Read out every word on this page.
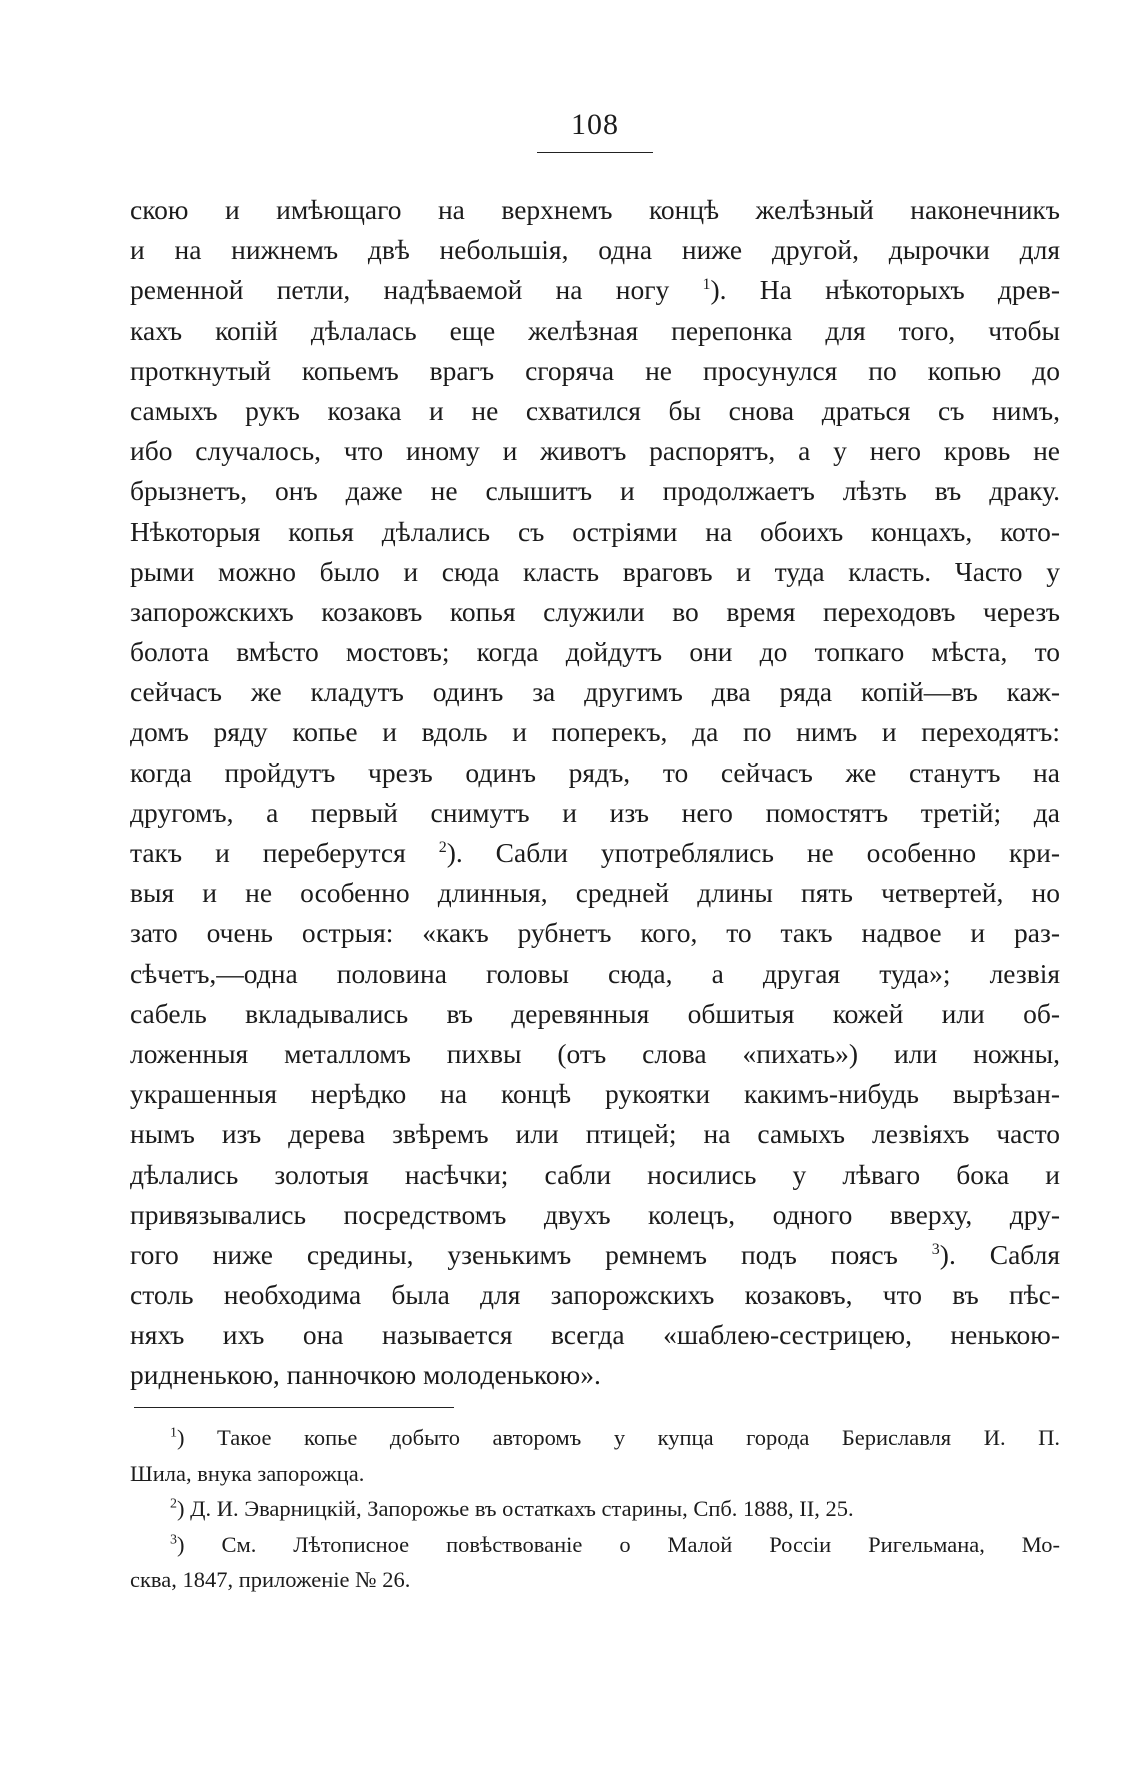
108
скою и имѣющаго на верхнемъ концѣ желѣзный наконечникъ
и на нижнемъ двѣ небольшія, одна ниже другой, дырочки для
ременной петли, надѣваемой на ногу $^1$). На нѣкоторыхъ древ-
кахъ копій дѣлалась еще желѣзная перепонка для того, чтобы
проткнутый копьемъ врагъ сгоряча не просунулся по копью до
самыхъ рукъ козака и не схватился бы снова драться съ нимъ,
ибо случалось, что иному и животъ распорятъ, а у него кровь не
брызнетъ, онъ даже не слышитъ и продолжаетъ лѣзть въ драку.
Нѣкоторыя копья дѣлались съ остріями на обоихъ концахъ, кото-
рыми можно было и сюда класть враговъ и туда класть. Часто у
запорожскихъ козаковъ копья служили во время переходовъ черезъ
болота вмѣсто мостовъ; когда дойдутъ они до топкаго мѣста, то
сейчасъ же кладутъ одинъ за другимъ два ряда копій—въ каж-
домъ ряду копье и вдоль и поперекъ, да по нимъ и переходятъ:
когда пройдутъ чрезъ одинъ рядъ, то сейчасъ же станутъ на
другомъ, а первый снимутъ и изъ него помостятъ третій; да
такъ и переберутся $^2$). Сабли употреблялись не особенно кри-
выя и не особенно длинныя, средней длины пять четвертей, но
зато очень острыя: «какъ рубнетъ кого, то такъ надвое и раз-
сѣчетъ,—одна половина головы сюда, а другая туда»; лезвія
сабель вкладывались въ деревянныя обшитыя кожей или об-
ложенныя металломъ пихвы (отъ слова «пихать») или ножны,
украшенныя нерѣдко на концѣ рукоятки какимъ-нибудь вырѣзан-
нымъ изъ дерева звѣремъ или птицей; на самыхъ лезвіяхъ часто
дѣлались золотыя насѣчки; сабли носились у лѣваго бока и
привязывались посредствомъ двухъ колецъ, одного вверху, дру-
гого ниже средины, узенькимъ ремнемъ подъ поясъ $^3$). Сабля
столь необходима была для запорожскихъ козаковъ, что въ пѣс-
няхъ ихъ она называется всегда «шаблею-сестрицею, ненькою-
ридненькою, панночкою молоденькою».
$^1$) Такое копье добыто авторомъ у купца города Бериславля И. П.
Шила, внука запорожца.
$^2$) Д. И. Эварницкій, Запорожье въ остаткахъ старины, Спб. 1888, II, 25.
$^3$) См. Лѣтописное повѣствованіе о Малой Россіи Ригельмана, Мо-
сква, 1847, приложеніе № 26.
